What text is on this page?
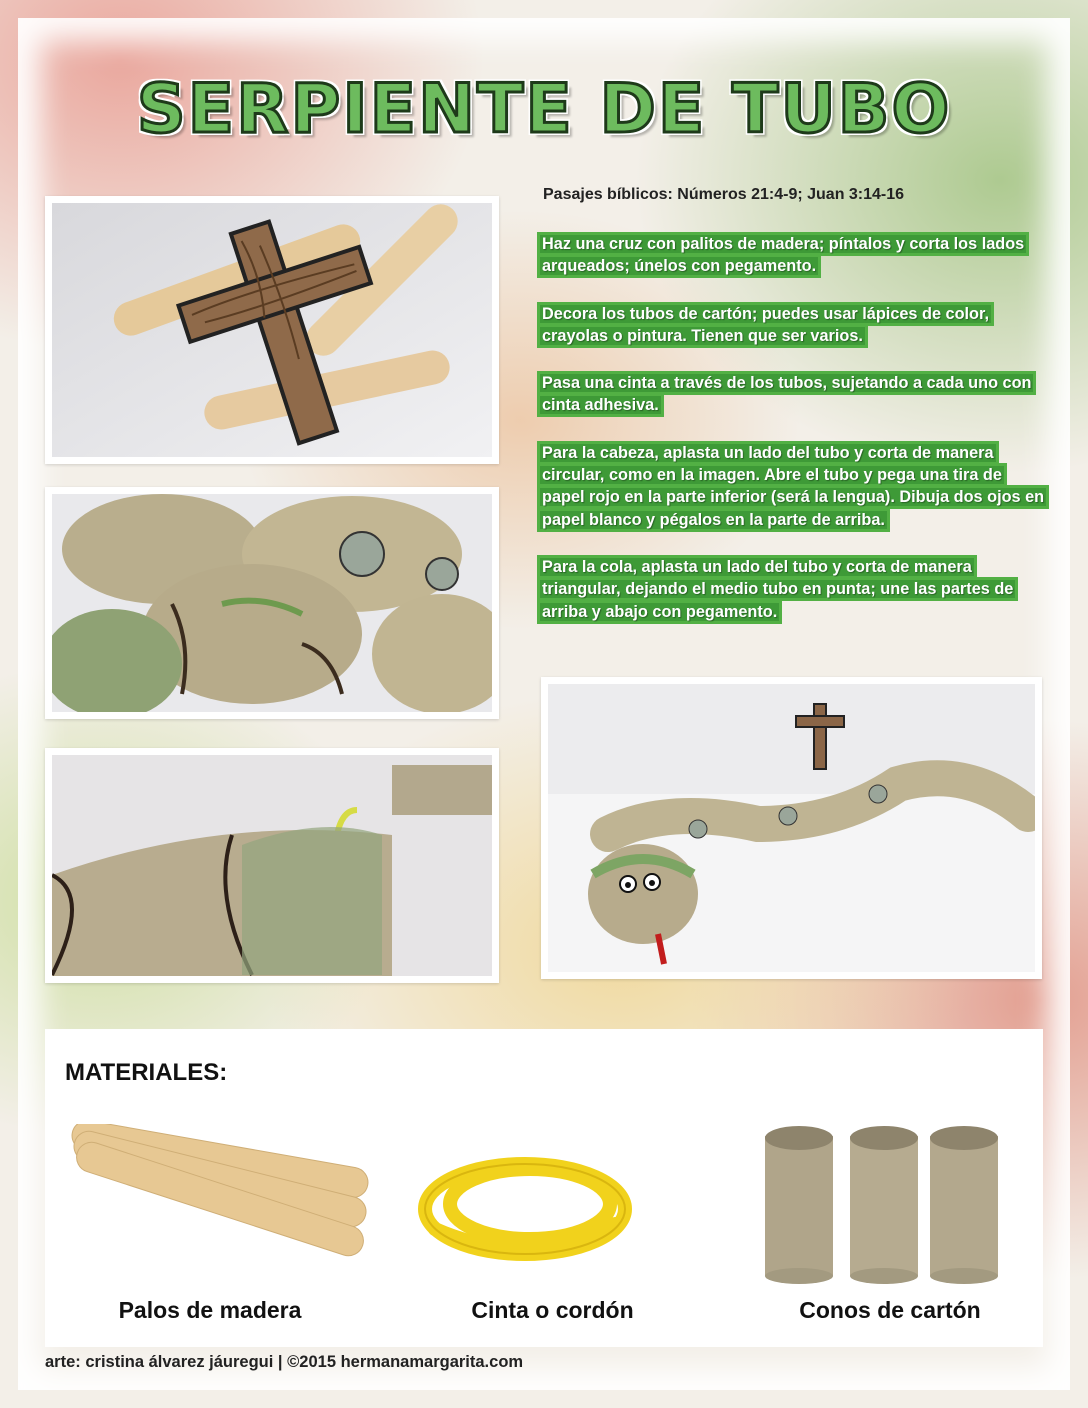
SERPIENTE DE TUBO
Pasajes bíblicos: Números 21:4-9; Juan 3:14-16

Haz una cruz con palitos de madera; píntalos y corta los lados arqueados; únelos con pegamento.

Decora los tubos de cartón; puedes usar lápices de color, crayolas o pintura. Tienen que ser varios.

Pasa una cinta a través de los tubos, sujetando a cada uno con cinta adhesiva.

Para la cabeza, aplasta un lado del tubo y corta de manera circular, como en la imagen. Abre el tubo y pega una tira de papel rojo en la parte inferior (será la lengua). Dibuja dos ojos en papel blanco y pégalos en la parte de arriba.

Para la cola, aplasta un lado del tubo y corta de manera triangular, dejando el medio tubo en punta; une las partes de arriba y abajo con pegamento.

MATERIALES:
Palos de madera	Cinta o cordón	Conos de cartón
arte: cristina álvarez jáuregui | ©2015 hermanamargarita.com
